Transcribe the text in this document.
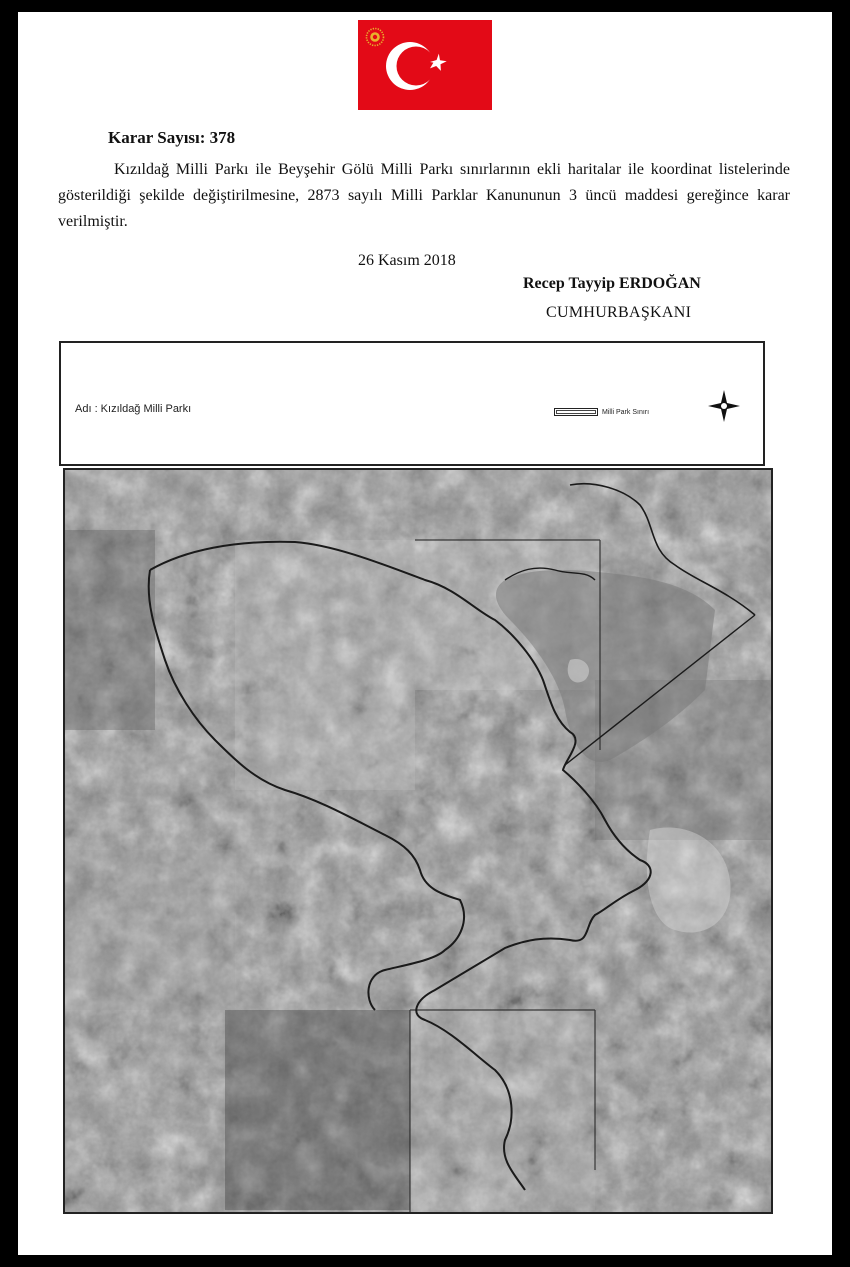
Karar Sayısı: 378
Kızıldağ Milli Parkı ile Beyşehir Gölü Milli Parkı sınırlarının ekli haritalar ile koordinat listelerinde gösterildiği şekilde değiştirilmesine, 2873 sayılı Milli Parklar Kanununun 3 üncü maddesi gereğince karar verilmiştir.
26 Kasım 2018
Recep Tayyip ERDOĞAN
CUMHURBAŞKANI
Adı : Kızıldağ Milli Parkı	Milli Park Sınırı
